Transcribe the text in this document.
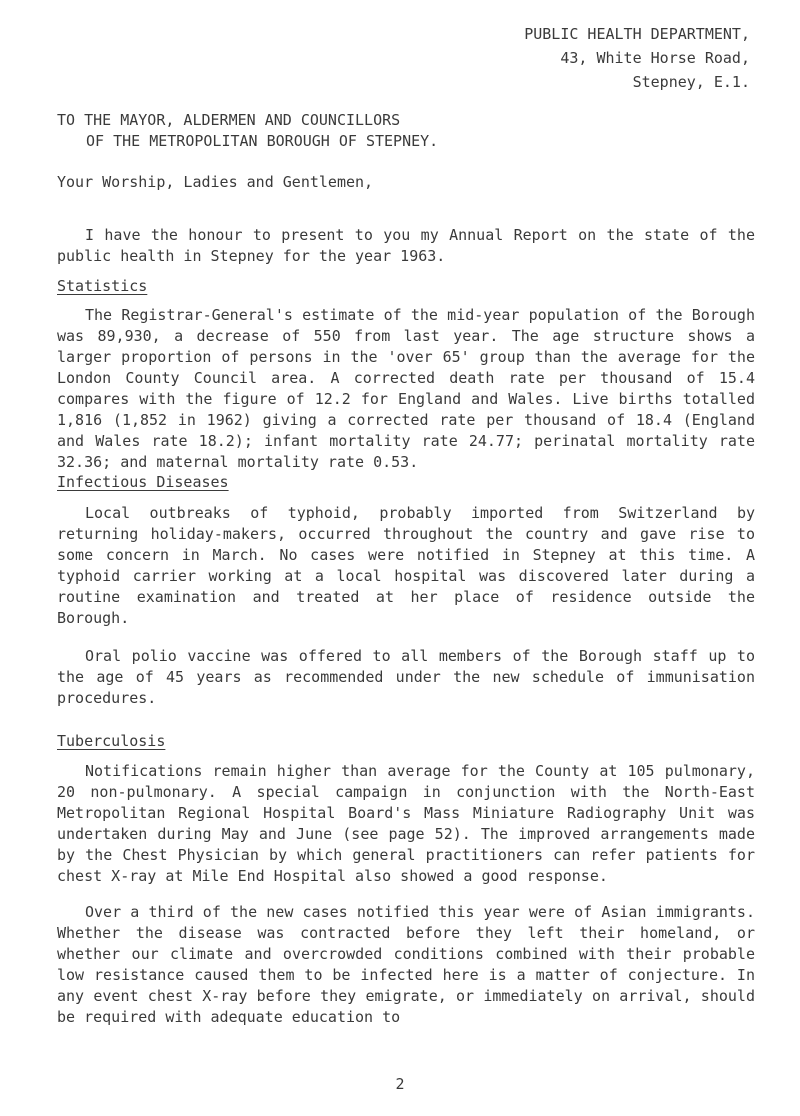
PUBLIC HEALTH DEPARTMENT,
43, White Horse Road,
Stepney, E.1.
TO THE MAYOR, ALDERMEN AND COUNCILLORS
OF THE METROPOLITAN BOROUGH OF STEPNEY.
Your Worship, Ladies and Gentlemen,

I have the honour to present to you my Annual Report on the state of the public health in Stepney for the year 1963.

Statistics

The Registrar-General's estimate of the mid-year population of the Borough was 89,930, a decrease of 550 from last year. The age structure shows a larger proportion of persons in the 'over 65' group than the average for the London County Council area. A corrected death rate per thousand of 15.4 compares with the figure of 12.2 for England and Wales. Live births totalled 1,816 (1,852 in 1962) giving a corrected rate per thousand of 18.4 (England and Wales rate 18.2); infant mortality rate 24.77; perinatal mortality rate 32.36; and maternal mortality rate 0.53.

Infectious Diseases

Local outbreaks of typhoid, probably imported from Switzerland by returning holiday-makers, occurred throughout the country and gave rise to some concern in March. No cases were notified in Stepney at this time. A typhoid carrier working at a local hospital was discovered later during a routine examination and treated at her place of residence outside the Borough.

Oral polio vaccine was offered to all members of the Borough staff up to the age of 45 years as recommended under the new schedule of immunisation procedures.

Tuberculosis

Notifications remain higher than average for the County at 105 pulmonary, 20 non-pulmonary. A special campaign in conjunction with the North-East Metropolitan Regional Hospital Board's Mass Miniature Radiography Unit was undertaken during May and June (see page 52). The improved arrangements made by the Chest Physician by which general practitioners can refer patients for chest X-ray at Mile End Hospital also showed a good response.

Over a third of the new cases notified this year were of Asian immigrants. Whether the disease was contracted before they left their homeland, or whether our climate and overcrowded conditions combined with their probable low resistance caused them to be infected here is a matter of conjecture. In any event chest X-ray before they emigrate, or immediately on arrival, should be required with adequate education to

2
